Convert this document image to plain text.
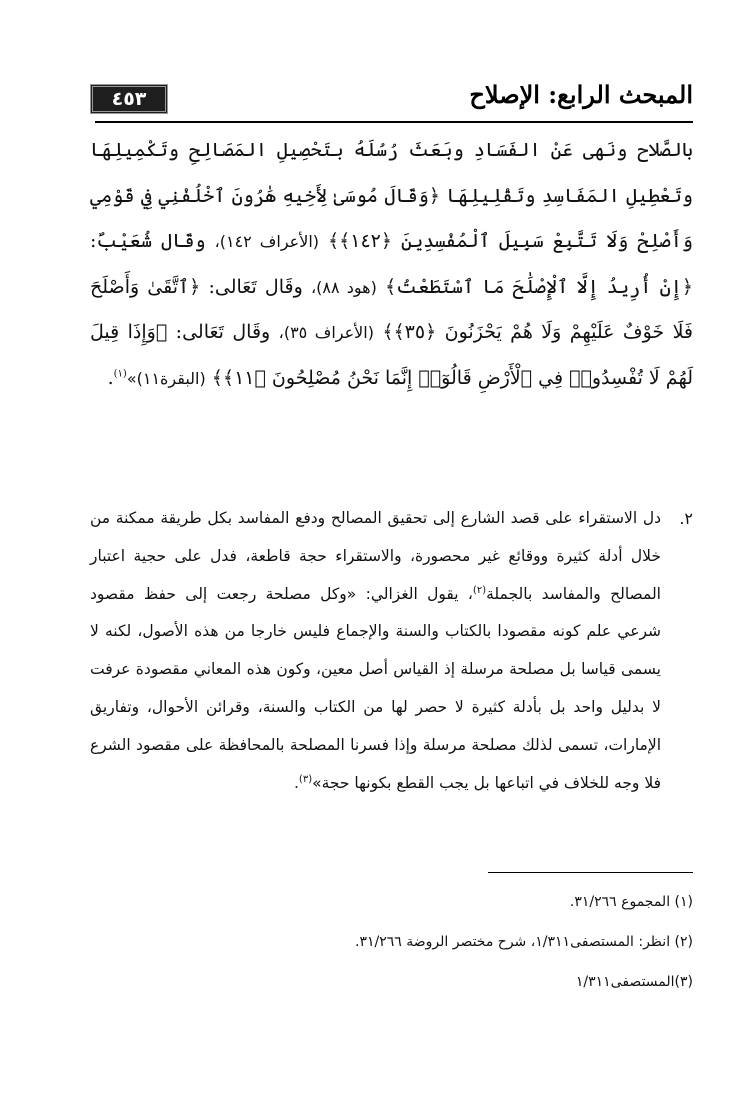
المبحث الرابع: الإصلاح
٤٥٣
بالصَّلاح ونَهى عَنْ الفَسَادِ وبَعَثَ رُسُلَهُ بتَحْصِيلِ المَصَالِحِ وتَكْمِيلِهَا وتَعْطِيلِ المَفَاسِدِ وتَقْلِيلِهَا ﴿وَقَالَ مُوسَىٰ لِأَخِيهِ هَٰرُونَ ٱخْلُفْنِي فِي قَوْمِي وَأَصْلِحْ وَلَا تَتَّبِعْ سَبِيلَ ٱلْمُفْسِدِينَ ﴿١٤٢﴾﴾ (الأعراف ١٤٢)، وقَال شُعَيْبٌ: ﴿إِنْ أُرِيدُ إِلَّا ٱلْإِصْلَٰحَ مَا ٱسْتَطَعْتُ﴾ (هود ٨٨)، وقَال تَعَالى: ﴿ٱتَّقَىٰ وَأَصْلَحَ فَلَا خَوْفٌ عَلَيْهِمْ وَلَا هُمْ يَحْزَنُونَ ﴿٣٥﴾﴾ (الأعراف ٣٥)، وقَال تَعَالى: ﴿وَإِذَا قِيلَ لَهُمْ لَا تُفْسِدُوا۟ فِي ٱلْأَرْضِ قَالُوٓا۟ إِنَّمَا نَحْنُ مُصْلِحُونَ ﴿١١﴾﴾ (البقرة١١)»$^{(١)}$.
٢.
دل الاستقراء على قصد الشارع إلى تحقيق المصالح ودفع المفاسد بكل طريقة ممكنة من خلال أدلة كثيرة ووقائع غير محصورة، والاستقراء حجة قاطعة، فدل على حجية اعتبار المصالح والمفاسد بالجملة$^{(٢)}$، يقول الغزالي: «وكل مصلحة رجعت إلى حفظ مقصود شرعي علم كونه مقصودا بالكتاب والسنة والإجماع فليس خارجا من هذه الأصول، لكنه لا يسمى قياسا بل مصلحة مرسلة إذ القياس أصل معين، وكون هذه المعاني مقصودة عرفت لا بدليل واحد بل بأدلة كثيرة لا حصر لها من الكتاب والسنة، وقرائن الأحوال، وتفاريق الإمارات، تسمى لذلك مصلحة مرسلة وإذا فسرنا المصلحة بالمحافظة على مقصود الشرع فلا وجه للخلاف في اتباعها بل يجب القطع بكونها حجة»$^{(٣)}$.
(١) المجموع ٣١/٢٦٦.
(٢) انظر: المستصفى١/٣١١، شرح مختصر الروضة ٣١/٢٦٦.
(٣)المستصفى١/٣١١
